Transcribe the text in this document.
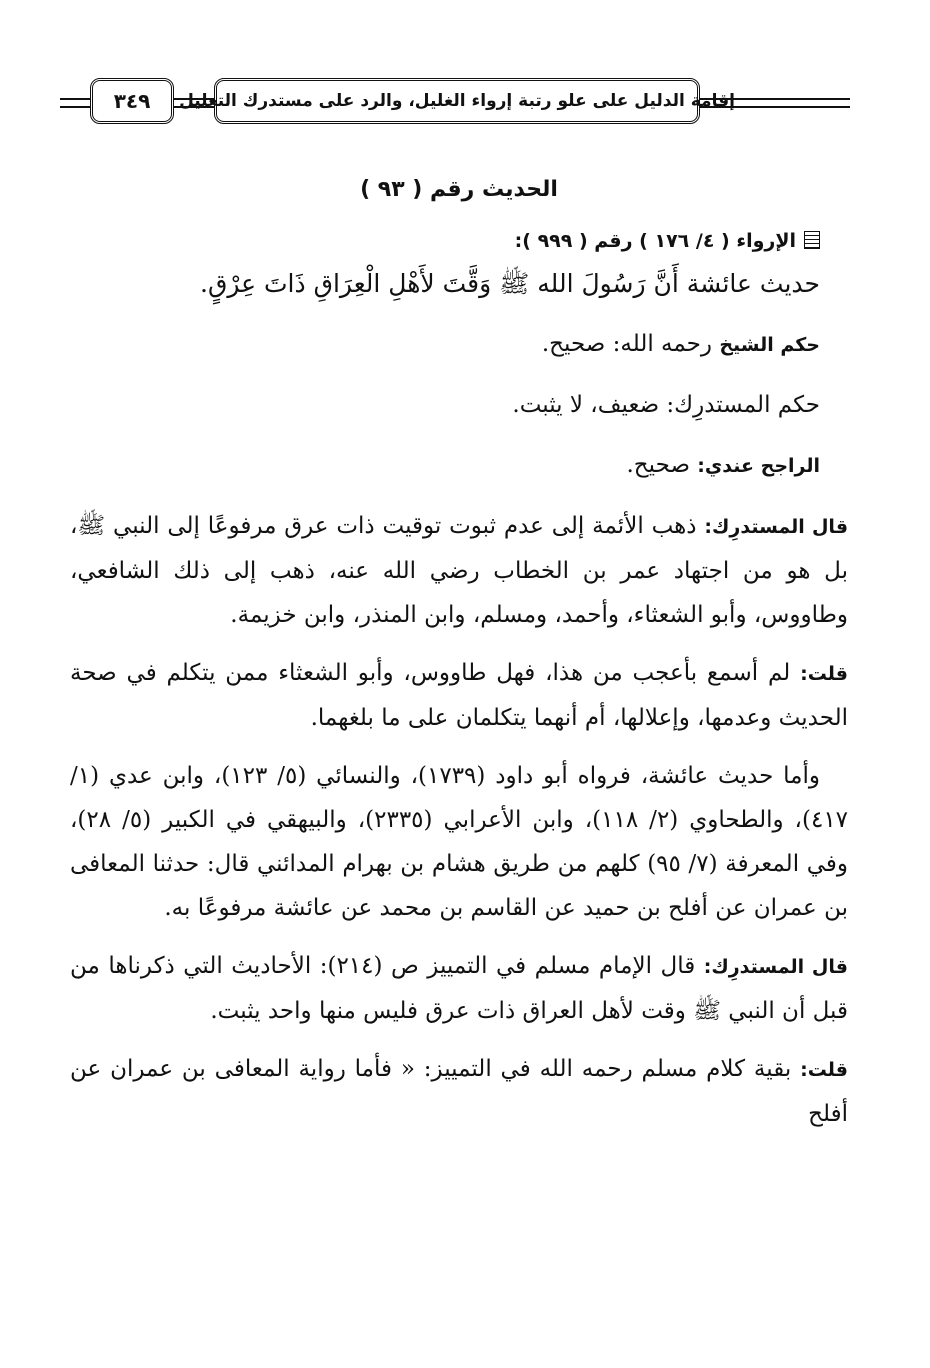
إقامة الدليل على علو رتبة إرواء الغليل، والرد على مستدرك التعليل
٣٤٩
الحديث رقم ( ٩٣ )
الإرواء ( ٤/ ١٧٦ ) رقم ( ٩٩٩ ):
حديث عائشة أَنَّ رَسُولَ الله ﷺ وَقَّتَ لأَهْلِ الْعِرَاقِ ذَاتَ عِرْقٍ.
حكم الشيخ رحمه الله: صحيح.
حكم المستدرِك: ضعيف، لا يثبت.
الراجح عندي: صحيح.

قال المستدرِك: ذهب الأئمة إلى عدم ثبوت توقيت ذات عرق مرفوعًا إلى النبي ﷺ، بل هو من اجتهاد عمر بن الخطاب رضي الله عنه، ذهب إلى ذلك الشافعي، وطاووس، وأبو الشعثاء، وأحمد، ومسلم، وابن المنذر، وابن خزيمة.

قلت: لم أسمع بأعجب من هذا، فهل طاووس، وأبو الشعثاء ممن يتكلم في صحة الحديث وعدمها، وإعلالها، أم أنهما يتكلمان على ما بلغهما.

وأما حديث عائشة، فرواه أبو داود (١٧٣٩)، والنسائي (٥/ ١٢٣)، وابن عدي (١/ ٤١٧)، والطحاوي (٢/ ١١٨)، وابن الأعرابي (٢٣٣٥)، والبيهقي في الكبير (٥/ ٢٨)، وفي المعرفة (٧/ ٩٥) كلهم من طريق هشام بن بهرام المدائني قال: حدثنا المعافى بن عمران عن أفلح بن حميد عن القاسم بن محمد عن عائشة مرفوعًا به.

قال المستدرِك: قال الإمام مسلم في التمييز ص (٢١٤): الأحاديث التي ذكرناها من قبل أن النبي ﷺ وقت لأهل العراق ذات عرق فليس منها واحد يثبت.

قلت: بقية كلام مسلم رحمه الله في التمييز: « فأما رواية المعافى بن عمران عن أفلح
